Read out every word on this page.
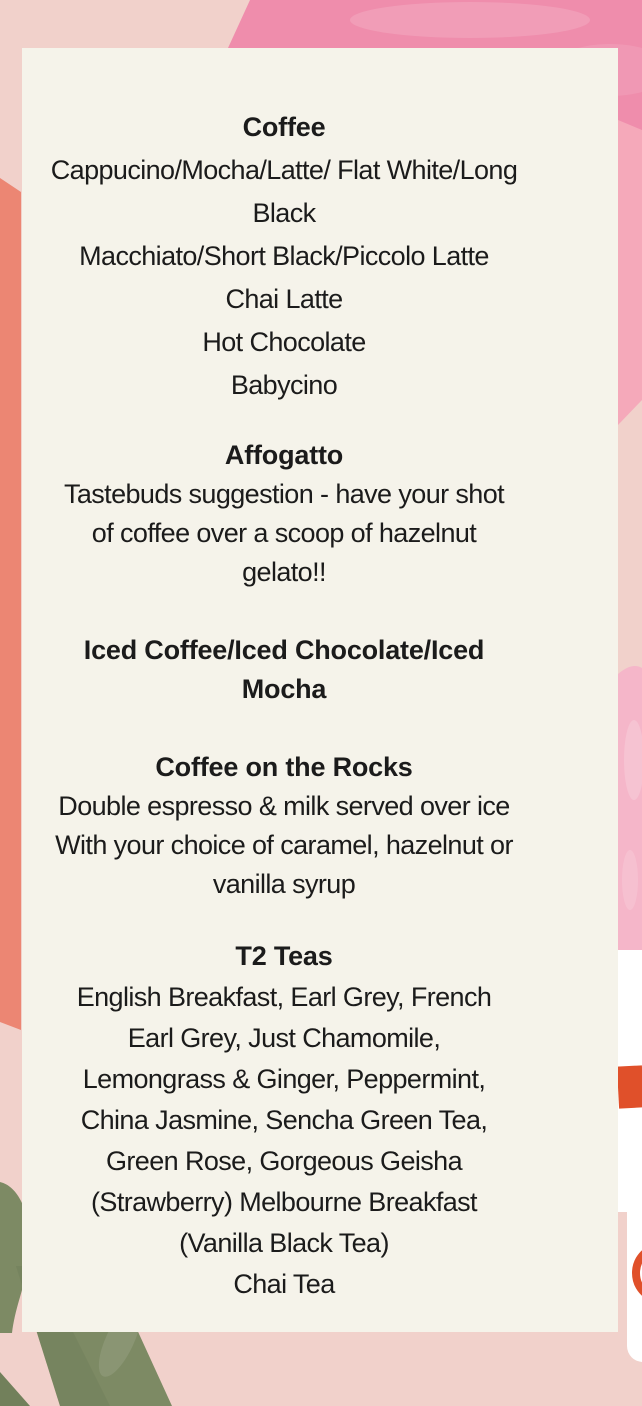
Coffee
Cappucino/Mocha/Latte/ Flat White/Long
Black
Macchiato/Short Black/Piccolo Latte
Chai Latte
Hot Chocolate
Babycino
Affogatto
Tastebuds suggestion - have your shot
of coffee over a scoop of hazelnut
gelato!!
Iced Coffee/Iced Chocolate/Iced
Mocha
Coffee on the Rocks
Double espresso & milk served over ice
With your choice of caramel, hazelnut or
vanilla syrup
T2 Teas
English Breakfast, Earl Grey, French
Earl Grey, Just Chamomile,
Lemongrass & Ginger, Peppermint,
China Jasmine, Sencha Green Tea,
Green Rose, Gorgeous Geisha
(Strawberry) Melbourne Breakfast
(Vanilla Black Tea)
Chai Tea
